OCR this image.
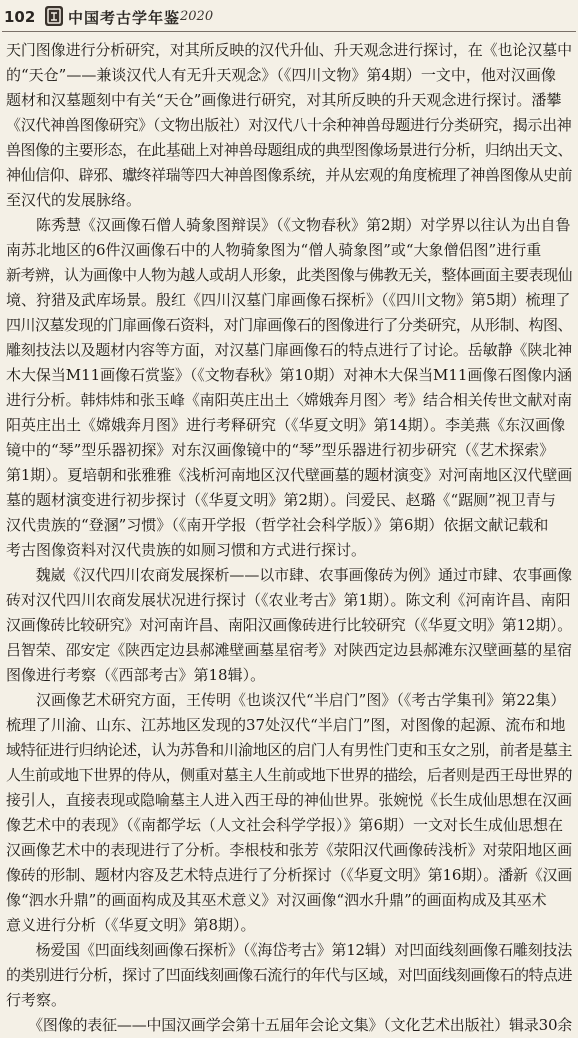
102 中国考古学年鉴 2020
天门图像进行分析研究，对其所反映的汉代升仙、升天观念进行探讨，在《也论汉墓中
的“天仓”——兼谈汉代人有无升天观念》（《四川文物》第4期）一文中，他对汉画像
题材和汉墓题刻中有关“天仓”画像进行研究，对其所反映的升天观念进行探讨。潘攀
《汉代神兽图像研究》（文物出版社）对汉代八十余种神兽母题进行分类研究，揭示出神
兽图像的主要形态，在此基础上对神兽母题组成的典型图像场景进行分析，归纳出天文、
神仙信仰、辟邪、瓛终祥瑞等四大神兽图像系统，并从宏观的角度梳理了神兽图像从史前
至汉代的发展脉络。
　　陈秀慧《汉画像石僧人骑象图辩误》（《文物春秋》第2期）对学界以往认为出自鲁
南苏北地区的6件汉画像石中的人物骑象图为“僧人骑象图”或“大象僧侣图”进行重
新考辨，认为画像中人物为越人或胡人形象，此类图像与佛教无关，整体画面主要表现仙
境、狩猎及武库场景。殷红《四川汉墓门扉画像石探析》（《四川文物》第5期）梳理了
四川汉墓发现的门扉画像石资料，对门扉画像石的图像进行了分类研究，从形制、构图、
雕刻技法以及题材内容等方面，对汉墓门扉画像石的特点进行了讨论。岳敏静《陕北神
木大保当M11画像石赏鉴》（《文物春秋》第10期）对神木大保当M11画像石图像内涵
进行分析。韩炜炜和张玉峰《南阳英庄出土〈嫦娥奔月图〉考》结合相关传世文献对南
阳英庄出土《嫦娥奔月图》进行考释研究（《华夏文明》第14期）。李美燕《东汉画像
镜中的“琴”型乐器初探》对东汉画像镜中的“琴”型乐器进行初步研究（《艺术探索》
第1期）。夏培朝和张雅雅《浅析河南地区汉代壁画墓的题材演变》对河南地区汉代壁画
墓的题材演变进行初步探讨（《华夏文明》第2期）。闫爱民、赵璐《“踞厕”视卫青与
汉代贵族的“登溷”习惯》（《南开学报（哲学社会科学版）》第6期）依据文献记载和
考古图像资料对汉代贵族的如厕习惯和方式进行探讨。
　　魏崴《汉代四川农商发展探析——以市肆、农事画像砖为例》通过市肆、农事画像
砖对汉代四川农商发展状况进行探讨（《农业考古》第1期）。陈文利《河南许昌、南阳
汉画像砖比较研究》对河南许昌、南阳汉画像砖进行比较研究（《华夏文明》第12期）。
吕智荣、邵安定《陕西定边县郝滩壁画墓星宿考》对陕西定边县郝滩东汉壁画墓的星宿
图像进行考察（《西部考古》第18辑）。
　　汉画像艺术研究方面，王传明《也谈汉代“半启门”图》（《考古学集刊》第22集）
梳理了川渝、山东、江苏地区发现的37处汉代“半启门”图，对图像的起源、流布和地
域特征进行归纳论述，认为苏鲁和川渝地区的启门人有男性门吏和玉女之别，前者是墓主
人生前或地下世界的侍从，侧重对墓主人生前或地下世界的描绘，后者则是西王母世界的
接引人，直接表现或隐喻墓主人进入西王母的神仙世界。张婉悦《长生成仙思想在汉画
像艺术中的表现》（《南都学坛（人文社会科学学报）》第6期）一文对长生成仙思想在
汉画像艺术中的表现进行了分析。李根枝和张芳《荥阳汉代画像砖浅析》对荥阳地区画
像砖的形制、题材内容及艺术特点进行了分析探讨（《华夏文明》第16期）。潘新《汉画
像“泗水升鼎”的画面构成及其巫术意义》对汉画像“泗水升鼎”的画面构成及其巫术
意义进行分析（《华夏文明》第8期）。
　　杨爱国《凹面线刻画像石探析》（《海岱考古》第12辑）对凹面线刻画像石雕刻技法
的类别进行分析，探讨了凹面线刻画像石流行的年代与区域，对凹面线刻画像石的特点进
行考察。
　　《图像的表征——中国汉画学会第十五届年会论文集》（文化艺术出版社）辑录30余
